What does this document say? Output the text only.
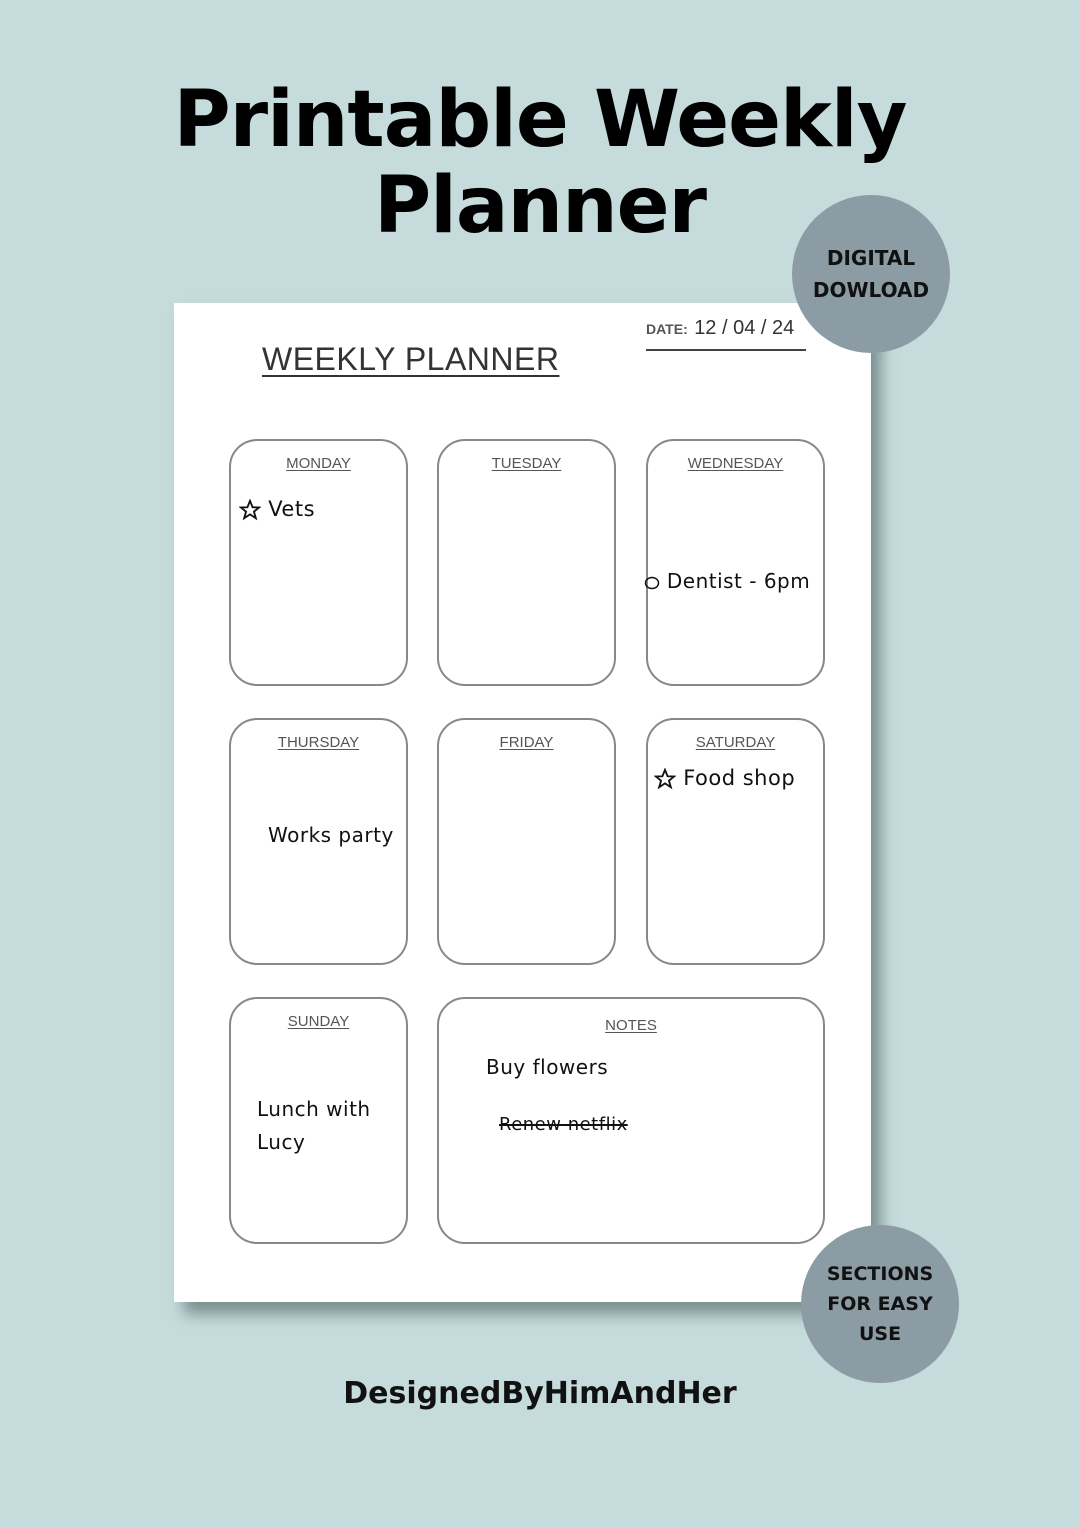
Printable Weekly Planner
WEEKLY PLANNER
DATE: 12 / 04 / 24
MONDAY
Vets
TUESDAY	WEDNESDAY
Dentist - 6pm
THURSDAY
Works party
FRIDAY	SATURDAY
Food shop
SUNDAY
Lunch with
Lucy
NOTES
Buy flowers
Renew netflix
DIGITAL DOWLOAD
SECTIONS FOR EASY USE
DesignedByHimAndHer
